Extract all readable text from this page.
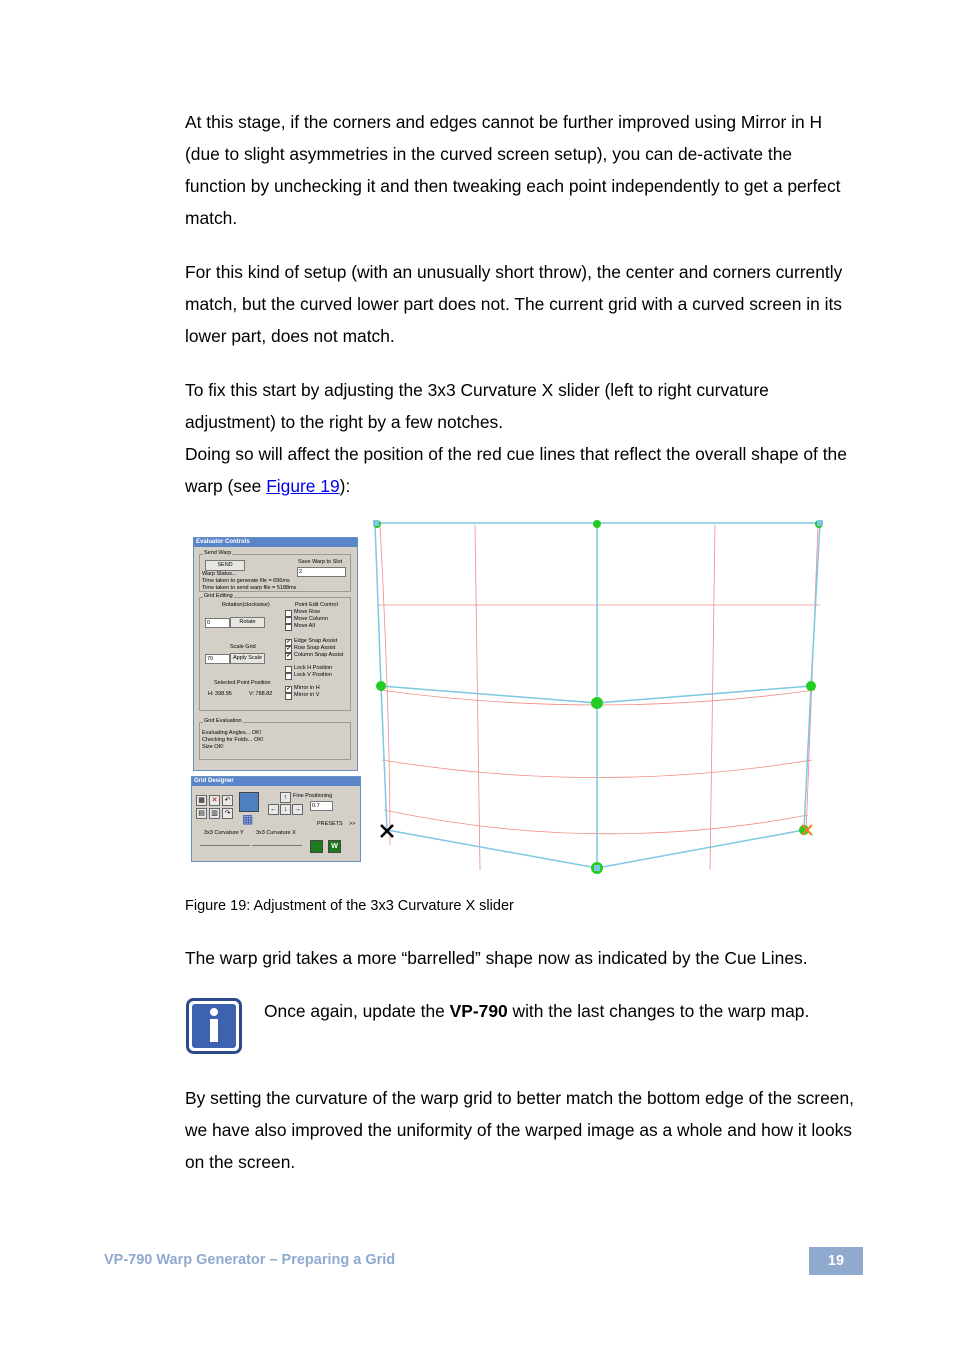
At this stage, if the corners and edges cannot be further improved using Mirror in H (due to slight asymmetries in the curved screen setup), you can de-activate the function by unchecking it and then tweaking each point independently to get a perfect match.

For this kind of setup (with an unusually short throw), the center and corners currently match, but the curved lower part does not. The current grid with a curved screen in its lower part, does not match.

To fix this start by adjusting the 3x3 Curvature X slider (left to right curvature adjustment) to the right by a few notches.
Doing so will affect the position of the red cue lines that reflect the overall shape of the warp (see Figure 19):
Evaluator Controls
Send Warp
SEND	Save Warp to Slot
2
Warp Status...
Time taken to generate file = 656ms
Time taken to send warp file = 5188ms
Grid Editing
Rotation(clockwise)
0	Rotate
Scale Grid
70	Apply Scale
Selected Point Position
H: 398.95	V: 788.82
Point Edit Control
Move Row
Move Column
Move All
✔ Edge Snap Assist
✔ Row Snap Assist
✔ Column Snap Assist
Lock H Position
Lock V Position
✔ Mirror in H
Mirror in V
Grid Evaluation
Evaluating Angles... OK!
Checking for Folds... OK!
Size OK!
Grid Designer
▦ ✕	↶
▤ ▥ ↷ ▦
↑
← ↓ →
Fine Positioning
0.7
PRESETS >>
3x3 Curvature Y 3x3 Curvature X
W
Figure 19: Adjustment of the 3x3 Curvature X slider

The warp grid takes a more “barrelled” shape now as indicated by the Cue Lines.

Once again, update the VP-790 with the last changes to the warp map.

By setting the curvature of the warp grid to better match the bottom edge of the screen, we have also improved the uniformity of the warped image as a whole and how it looks on the screen.

VP-790 Warp Generator – Preparing a Grid	19
